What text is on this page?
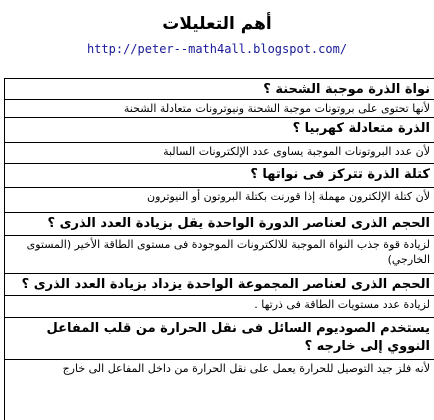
أهم التعليلات
http://peter--math4all.blogspot.com/
نواة الذرة موجبة الشحنة ؟
لأنها تحتوى على بروتونات موجبة الشحنة ونيوترونات متعادلة الشحنة
الذرة متعادلة كهربيا ؟
لأن عدد البروتونات الموجبة يساوى عدد الإلكترونات السالبة
كتلة الذرة تتركز فى نواتها ؟
لأن كتلة الإلكترون مهملة إذا قورنت بكتلة البروتون أو النيوترون
الحجم الذرى لعناصر الدورة الواحدة يقل بزيادة العدد الذرى ؟
لزيادة قوة جذب النواة الموجبة للالكترونات الموجودة فى مستوى الطاقة الأخير (المستوى الخارجي)
الحجم الذرى لعناصر المجموعة الواحدة يزداد بزيادة العدد الذرى ؟
لزيادة عدد مستويات الطاقة فى ذرتها .
يستخدم الصوديوم السائل فى نقل الحرارة من قلب المفاعل النووي إلى خارجه ؟
لأنه فلز جيد التوصيل للحرارة يعمل على نقل الحرارة من داخل المفاعل الى خارج
